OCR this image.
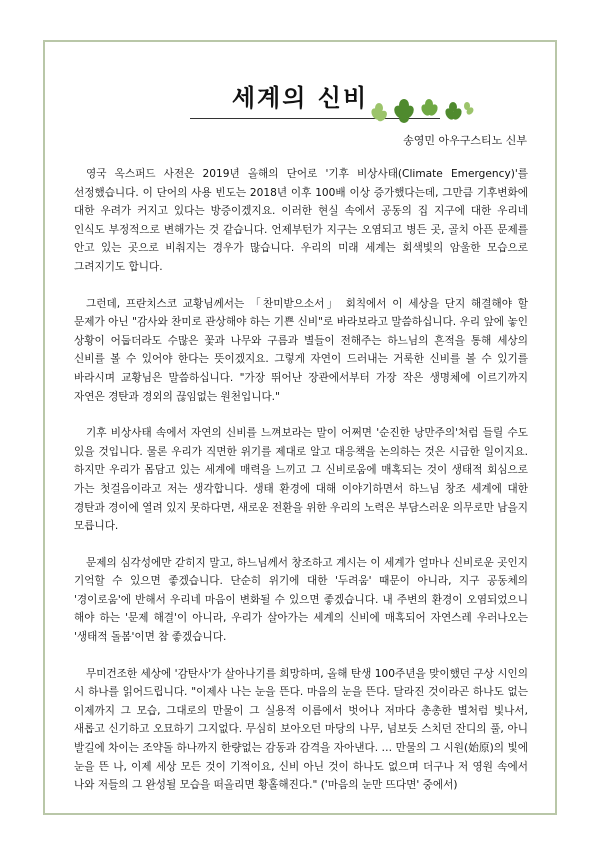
세계의 신비
송영민 아우구스티노 신부

영국 옥스퍼드 사전은 2019년 올해의 단어로 '기후 비상사태(Climate Emergency)'를 선정했습니다. 이 단어의 사용 빈도는 2018년 이후 100배 이상 증가했다는데, 그만큼 기후변화에 대한 우려가 커지고 있다는 방증이겠지요. 이러한 현실 속에서 공동의 집 지구에 대한 우리네 인식도 부정적으로 변해가는 것 같습니다. 언제부턴가 지구는 오염되고 병든 곳, 골치 아픈 문제를 안고 있는 곳으로 비춰지는 경우가 많습니다. 우리의 미래 세계는 회색빛의 암울한 모습으로 그려지기도 합니다.

그런데, 프란치스코 교황님께서는 「찬미받으소서」 회칙에서 이 세상을 단지 해결해야 할 문제가 아닌 "감사와 찬미로 관상해야 하는 기쁜 신비"로 바라보라고 말씀하십니다. 우리 앞에 놓인 상황이 어둡더라도 수많은 꽃과 나무와 구름과 별들이 전해주는 하느님의 흔적을 통해 세상의 신비를 볼 수 있어야 한다는 뜻이겠지요. 그렇게 자연이 드러내는 거룩한 신비를 볼 수 있기를 바라시며 교황님은 말씀하십니다. "가장 뛰어난 장관에서부터 가장 작은 생명체에 이르기까지 자연은 경탄과 경외의 끊임없는 원천입니다."

기후 비상사태 속에서 자연의 신비를 느껴보라는 말이 어쩌면 '순진한 낭만주의'처럼 들릴 수도 있을 것입니다. 물론 우리가 직면한 위기를 제대로 알고 대응책을 논의하는 것은 시급한 일이지요. 하지만 우리가 몸담고 있는 세계에 매력을 느끼고 그 신비로움에 매혹되는 것이 생태적 회심으로 가는 첫걸음이라고 저는 생각합니다. 생태 환경에 대해 이야기하면서 하느님 창조 세계에 대한 경탄과 경이에 열려 있지 못하다면, 새로운 전환을 위한 우리의 노력은 부담스러운 의무로만 남을지 모릅니다.

문제의 심각성에만 갇히지 말고, 하느님께서 창조하고 계시는 이 세계가 얼마나 신비로운 곳인지 기억할 수 있으면 좋겠습니다. 단순히 위기에 대한 '두려움' 때문이 아니라, 지구 공동체의 '경이로움'에 반해서 우리네 마음이 변화될 수 있으면 좋겠습니다. 내 주변의 환경이 오염되었으니 해야 하는 '문제 해결'이 아니라, 우리가 살아가는 세계의 신비에 매혹되어 자연스레 우러나오는 '생태적 돌봄'이면 참 좋겠습니다.

무미건조한 세상에 '감탄사'가 살아나기를 희망하며, 올해 탄생 100주년을 맞이했던 구상 시인의 시 하나를 읽어드립니다. "이제사 나는 눈을 뜬다. 마음의 눈을 뜬다. 달라진 것이라곤 하나도 없는 이제까지 그 모습, 그대로의 만물이 그 실용적 이름에서 벗어나 저마다 총총한 별처럼 빛나서, 새롭고 신기하고 오묘하기 그지없다. 무심히 보아오던 마당의 나무, 넘보듯 스치던 잔디의 풀, 아니 발길에 차이는 조약돌 하나까지 한량없는 감동과 감격을 자아낸다. … 만물의 그 시원(始原)의 빛에 눈을 뜬 나, 이제 세상 모든 것이 기적이요, 신비 아닌 것이 하나도 없으며 더구나 저 영원 속에서 나와 저들의 그 완성될 모습을 떠올리면 황홀해진다." ('마음의 눈만 뜨다면' 중에서)
